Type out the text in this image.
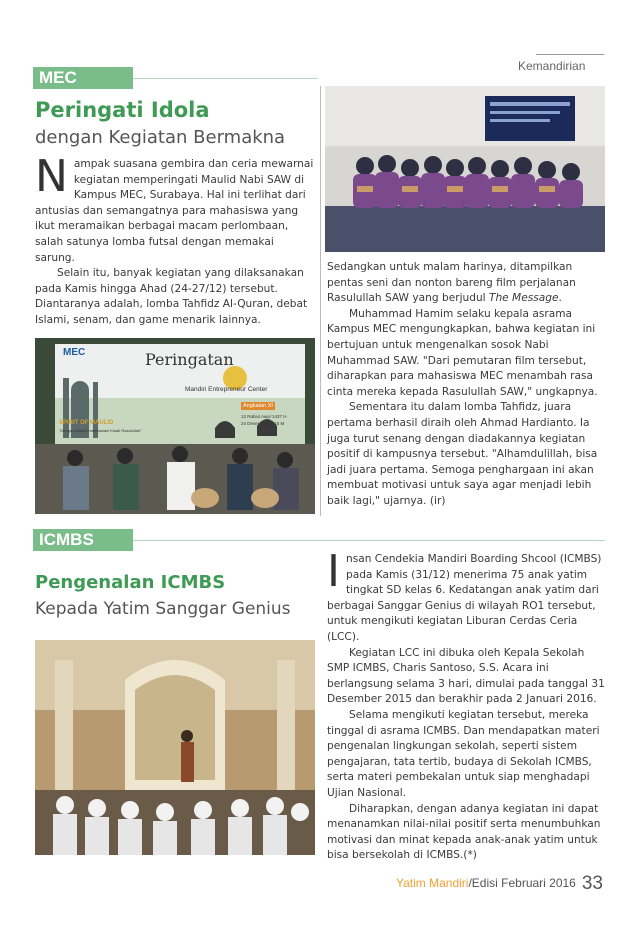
Kemandirian
MEC
Peringati Idola
dengan Kegiatan Bermakna

N ampak suasana gembira dan ceria mewarnai kegiatan memperingati Maulid Nabi SAW di Kampus MEC, Surabaya. Hal ini terlihat dari antusias dan semangatnya para mahasiswa yang ikut meramaikan berbagai macam perlombaan, salah satunya lomba futsal dengan memakai sarung.

Selain itu, banyak kegiatan yang dilaksanakan pada Kamis hingga Ahad (24-27/12) tersebut. Diantaranya adalah, lomba Tahfidz Al-Quran, debat Islami, senam, dan game menarik lainnya.

Sedangkan untuk malam harinya, ditampilkan pentas seni dan nonton bareng film perjalanan Rasulullah SAW yang berjudul The Message.

Muhammad Hamim selaku kepala asrama Kampus MEC mengungkapkan, bahwa kegiatan ini bertujuan untuk mengenalkan sosok Nabi Muhammad SAW. "Dari pemutaran film tersebut, diharapkan para mahasiswa MEC menambah rasa cinta mereka kepada Rasulullah SAW," ungkapnya.

Sementara itu dalam lomba Tahfidz, juara pertama berhasil diraih oleh Ahmad Hardianto. Ia juga turut senang dengan diadakannya kegiatan positif di kampusnya tersebut. "Alhamdulillah, bisa jadi juara pertama. Semoga penghargaan ini akan membuat motivasi untuk saya agar menjadi lebih baik lagi," ujarnya. (ir)

Peringatan
MEC
Mandiri Entrepreneur Center
SPIRIT OF MAULID
"Dengan Maulid meneladani Kisah Rasulullah"
Angkatan XI
12 Rabiul Awal 1437 H
24 Desember 2015 M
ICMBS
Pengenalan ICMBS
Kepada Yatim Sanggar Genius

I nsan Cendekia Mandiri Boarding Shcool (ICMBS) pada Kamis (31/12) menerima 75 anak yatim tingkat SD kelas 6. Kedatangan anak yatim dari berbagai Sanggar Genius di wilayah RO1 tersebut, untuk mengikuti kegiatan Liburan Cerdas Ceria (LCC).

Kegiatan LCC ini dibuka oleh Kepala Sekolah SMP ICMBS, Charis Santoso, S.S. Acara ini berlangsung selama 3 hari, dimulai pada tanggal 31 Desember 2015 dan berakhir pada 2 Januari 2016.

Selama mengikuti kegiatan tersebut, mereka tinggal di asrama ICMBS. Dan mendapatkan materi pengenalan lingkungan sekolah, seperti sistem pengajaran, tata tertib, budaya di Sekolah ICMBS, serta materi pembekalan untuk siap menghadapi Ujian Nasional.

Diharapkan, dengan adanya kegiatan ini dapat menanamkan nilai-nilai positif serta menumbuhkan motivasi dan minat kepada anak-anak yatim untuk bisa bersekolah di ICMBS.(*)

Yatim Mandiri/Edisi Februari 2016 33
